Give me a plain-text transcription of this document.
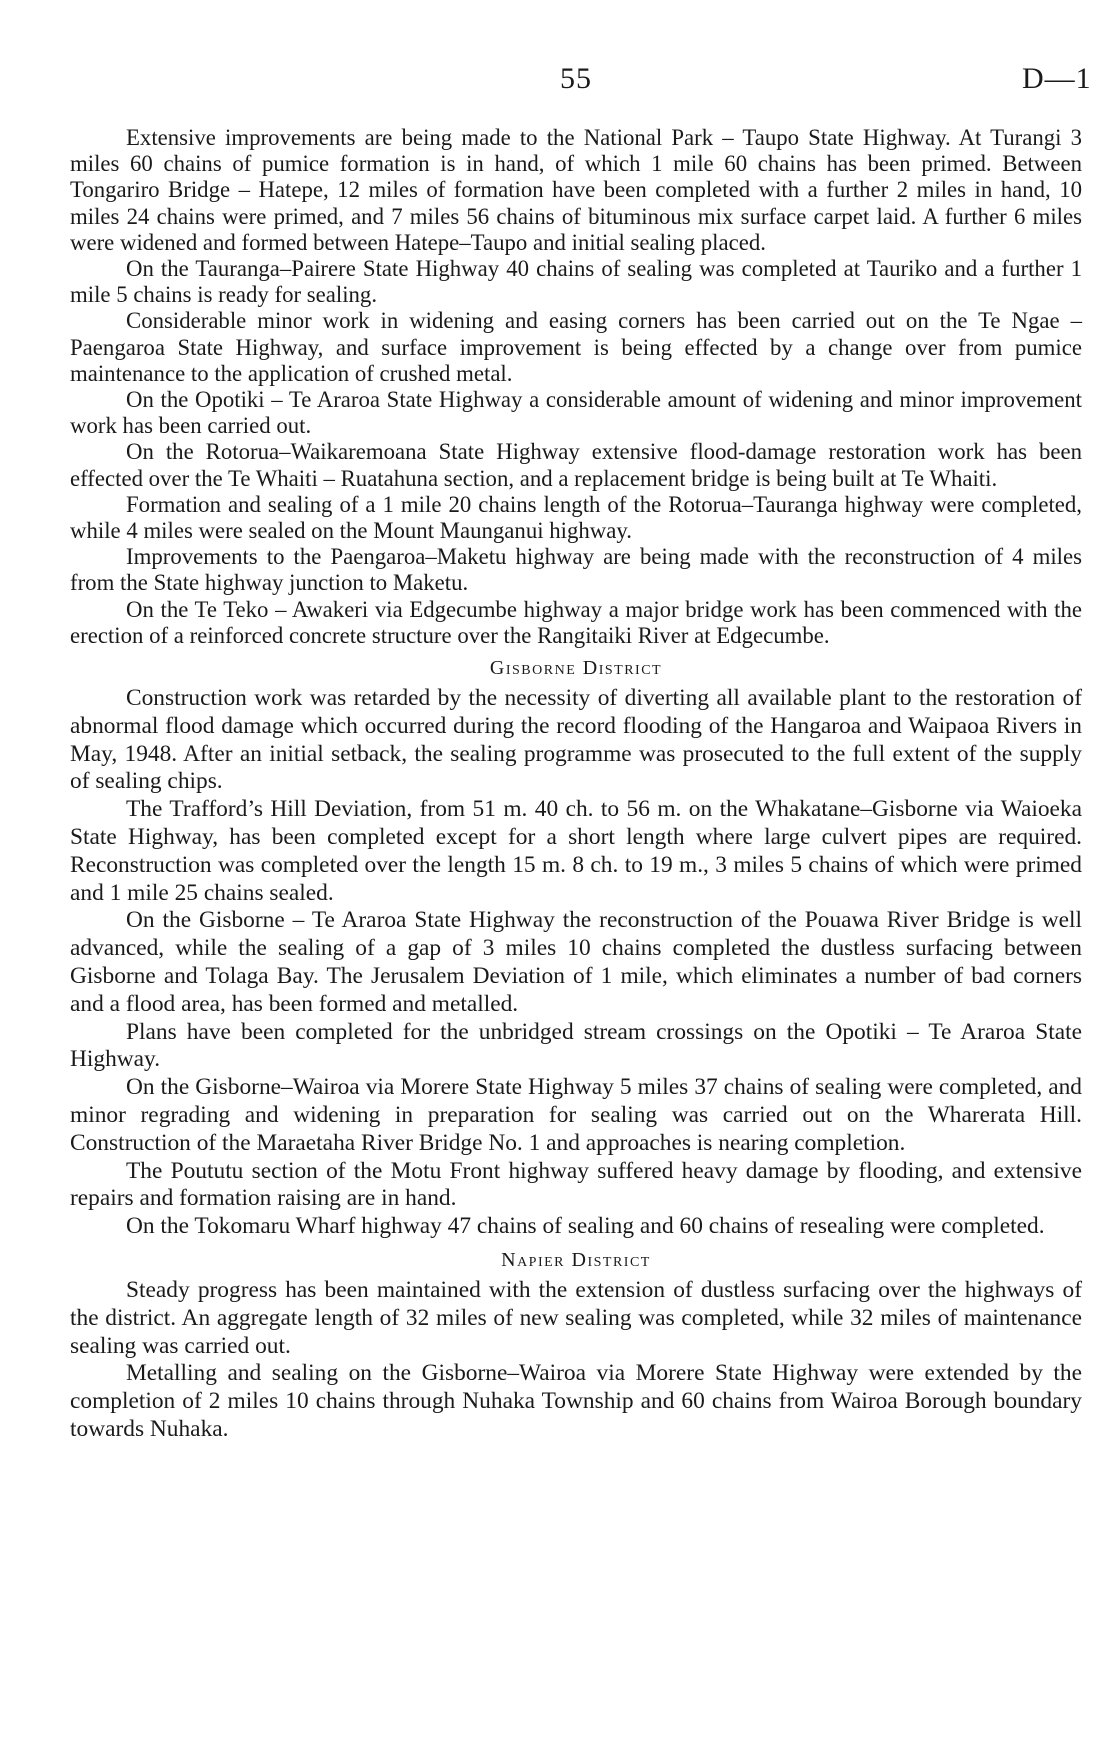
55	D—1

Extensive improvements are being made to the National Park – Taupo State Highway. At Turangi 3 miles 60 chains of pumice formation is in hand, of which 1 mile 60 chains has been primed. Between Tongariro Bridge – Hatepe, 12 miles of formation have been completed with a further 2 miles in hand, 10 miles 24 chains were primed, and 7 miles 56 chains of bituminous mix surface carpet laid. A further 6 miles were widened and formed between Hatepe–Taupo and initial sealing placed.

On the Tauranga–Pairere State Highway 40 chains of sealing was completed at Tauriko and a further 1 mile 5 chains is ready for sealing.

Considerable minor work in widening and easing corners has been carried out on the Te Ngae – Paengaroa State Highway, and surface improvement is being effected by a change over from pumice maintenance to the application of crushed metal.

On the Opotiki – Te Araroa State Highway a considerable amount of widening and minor improvement work has been carried out.

On the Rotorua–Waikaremoana State Highway extensive flood-damage restoration work has been effected over the Te Whaiti – Ruatahuna section, and a replacement bridge is being built at Te Whaiti.

Formation and sealing of a 1 mile 20 chains length of the Rotorua–Tauranga highway were completed, while 4 miles were sealed on the Mount Maunganui highway.

Improvements to the Paengaroa–Maketu highway are being made with the reconstruction of 4 miles from the State highway junction to Maketu.

On the Te Teko – Awakeri via Edgecumbe highway a major bridge work has been commenced with the erection of a reinforced concrete structure over the Rangitaiki River at Edgecumbe.

Gisborne District

Construction work was retarded by the necessity of diverting all available plant to the restoration of abnormal flood damage which occurred during the record flooding of the Hangaroa and Waipaoa Rivers in May, 1948. After an initial setback, the sealing programme was prosecuted to the full extent of the supply of sealing chips.

The Trafford’s Hill Deviation, from 51 m. 40 ch. to 56 m. on the Whakatane–Gisborne via Waioeka State Highway, has been completed except for a short length where large culvert pipes are required. Reconstruction was completed over the length 15 m. 8 ch. to 19 m., 3 miles 5 chains of which were primed and 1 mile 25 chains sealed.

On the Gisborne – Te Araroa State Highway the reconstruction of the Pouawa River Bridge is well advanced, while the sealing of a gap of 3 miles 10 chains completed the dustless surfacing between Gisborne and Tolaga Bay. The Jerusalem Deviation of 1 mile, which eliminates a number of bad corners and a flood area, has been formed and metalled.

Plans have been completed for the unbridged stream crossings on the Opotiki – Te Araroa State Highway.

On the Gisborne–Wairoa via Morere State Highway 5 miles 37 chains of sealing were completed, and minor regrading and widening in preparation for sealing was carried out on the Wharerata Hill. Construction of the Maraetaha River Bridge No. 1 and approaches is nearing completion.

The Poututu section of the Motu Front highway suffered heavy damage by flooding, and extensive repairs and formation raising are in hand.

On the Tokomaru Wharf highway 47 chains of sealing and 60 chains of resealing were completed.

Napier District

Steady progress has been maintained with the extension of dustless surfacing over the highways of the district. An aggregate length of 32 miles of new sealing was completed, while 32 miles of maintenance sealing was carried out.

Metalling and sealing on the Gisborne–Wairoa via Morere State Highway were extended by the completion of 2 miles 10 chains through Nuhaka Township and 60 chains from Wairoa Borough boundary towards Nuhaka.
